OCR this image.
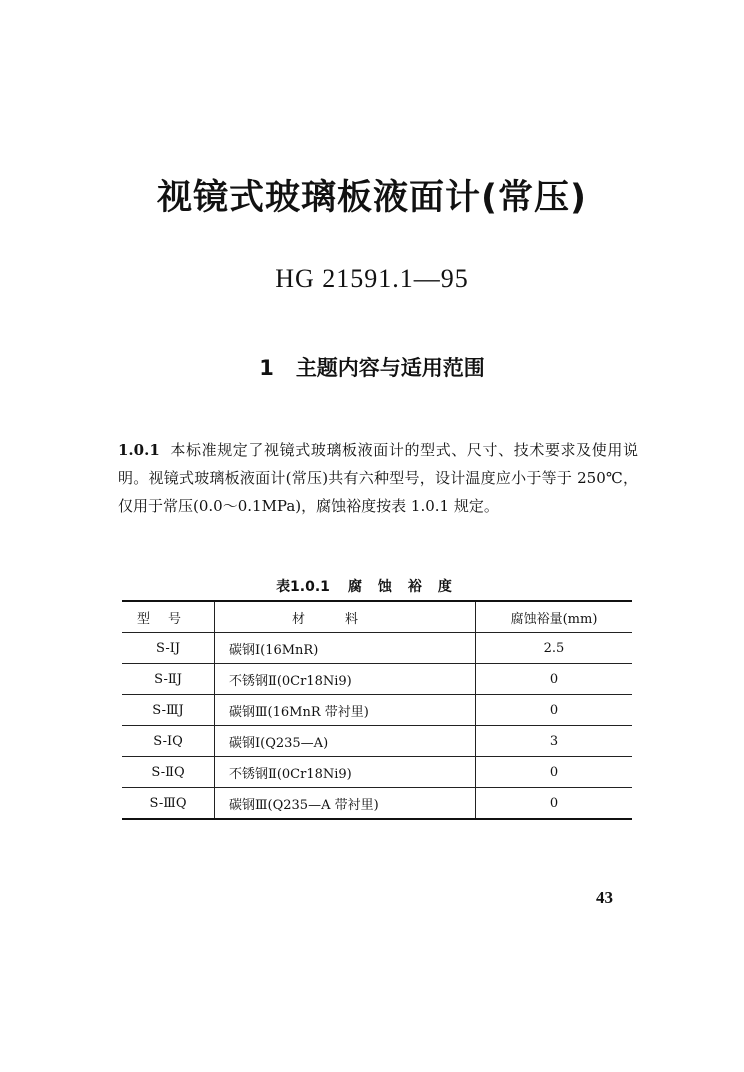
视镜式玻璃板液面计(常压)
HG 21591.1—95
1 主题内容与适用范围
1.0.1 本标准规定了视镜式玻璃板液面计的型式、尺寸、技术要求及使用说明。视镜式玻璃板液面计(常压)共有六种型号，设计温度应小于等于 250℃，仅用于常压(0.0～0.1MPa)，腐蚀裕度按表 1.0.1 规定。
表1.0.1 腐蚀裕度
型号	材料	腐蚀裕量(mm)
S-ⅠJ	碳钢Ⅰ(16MnR)	2.5
S-ⅡJ	不锈钢Ⅱ(0Cr18Ni9)	0
S-ⅢJ	碳钢Ⅲ(16MnR 带衬里)	0
S-ⅠQ	碳钢Ⅰ(Q235—A)	3
S-ⅡQ	不锈钢Ⅱ(0Cr18Ni9)	0
S-ⅢQ	碳钢Ⅲ(Q235—A 带衬里)	0
43
